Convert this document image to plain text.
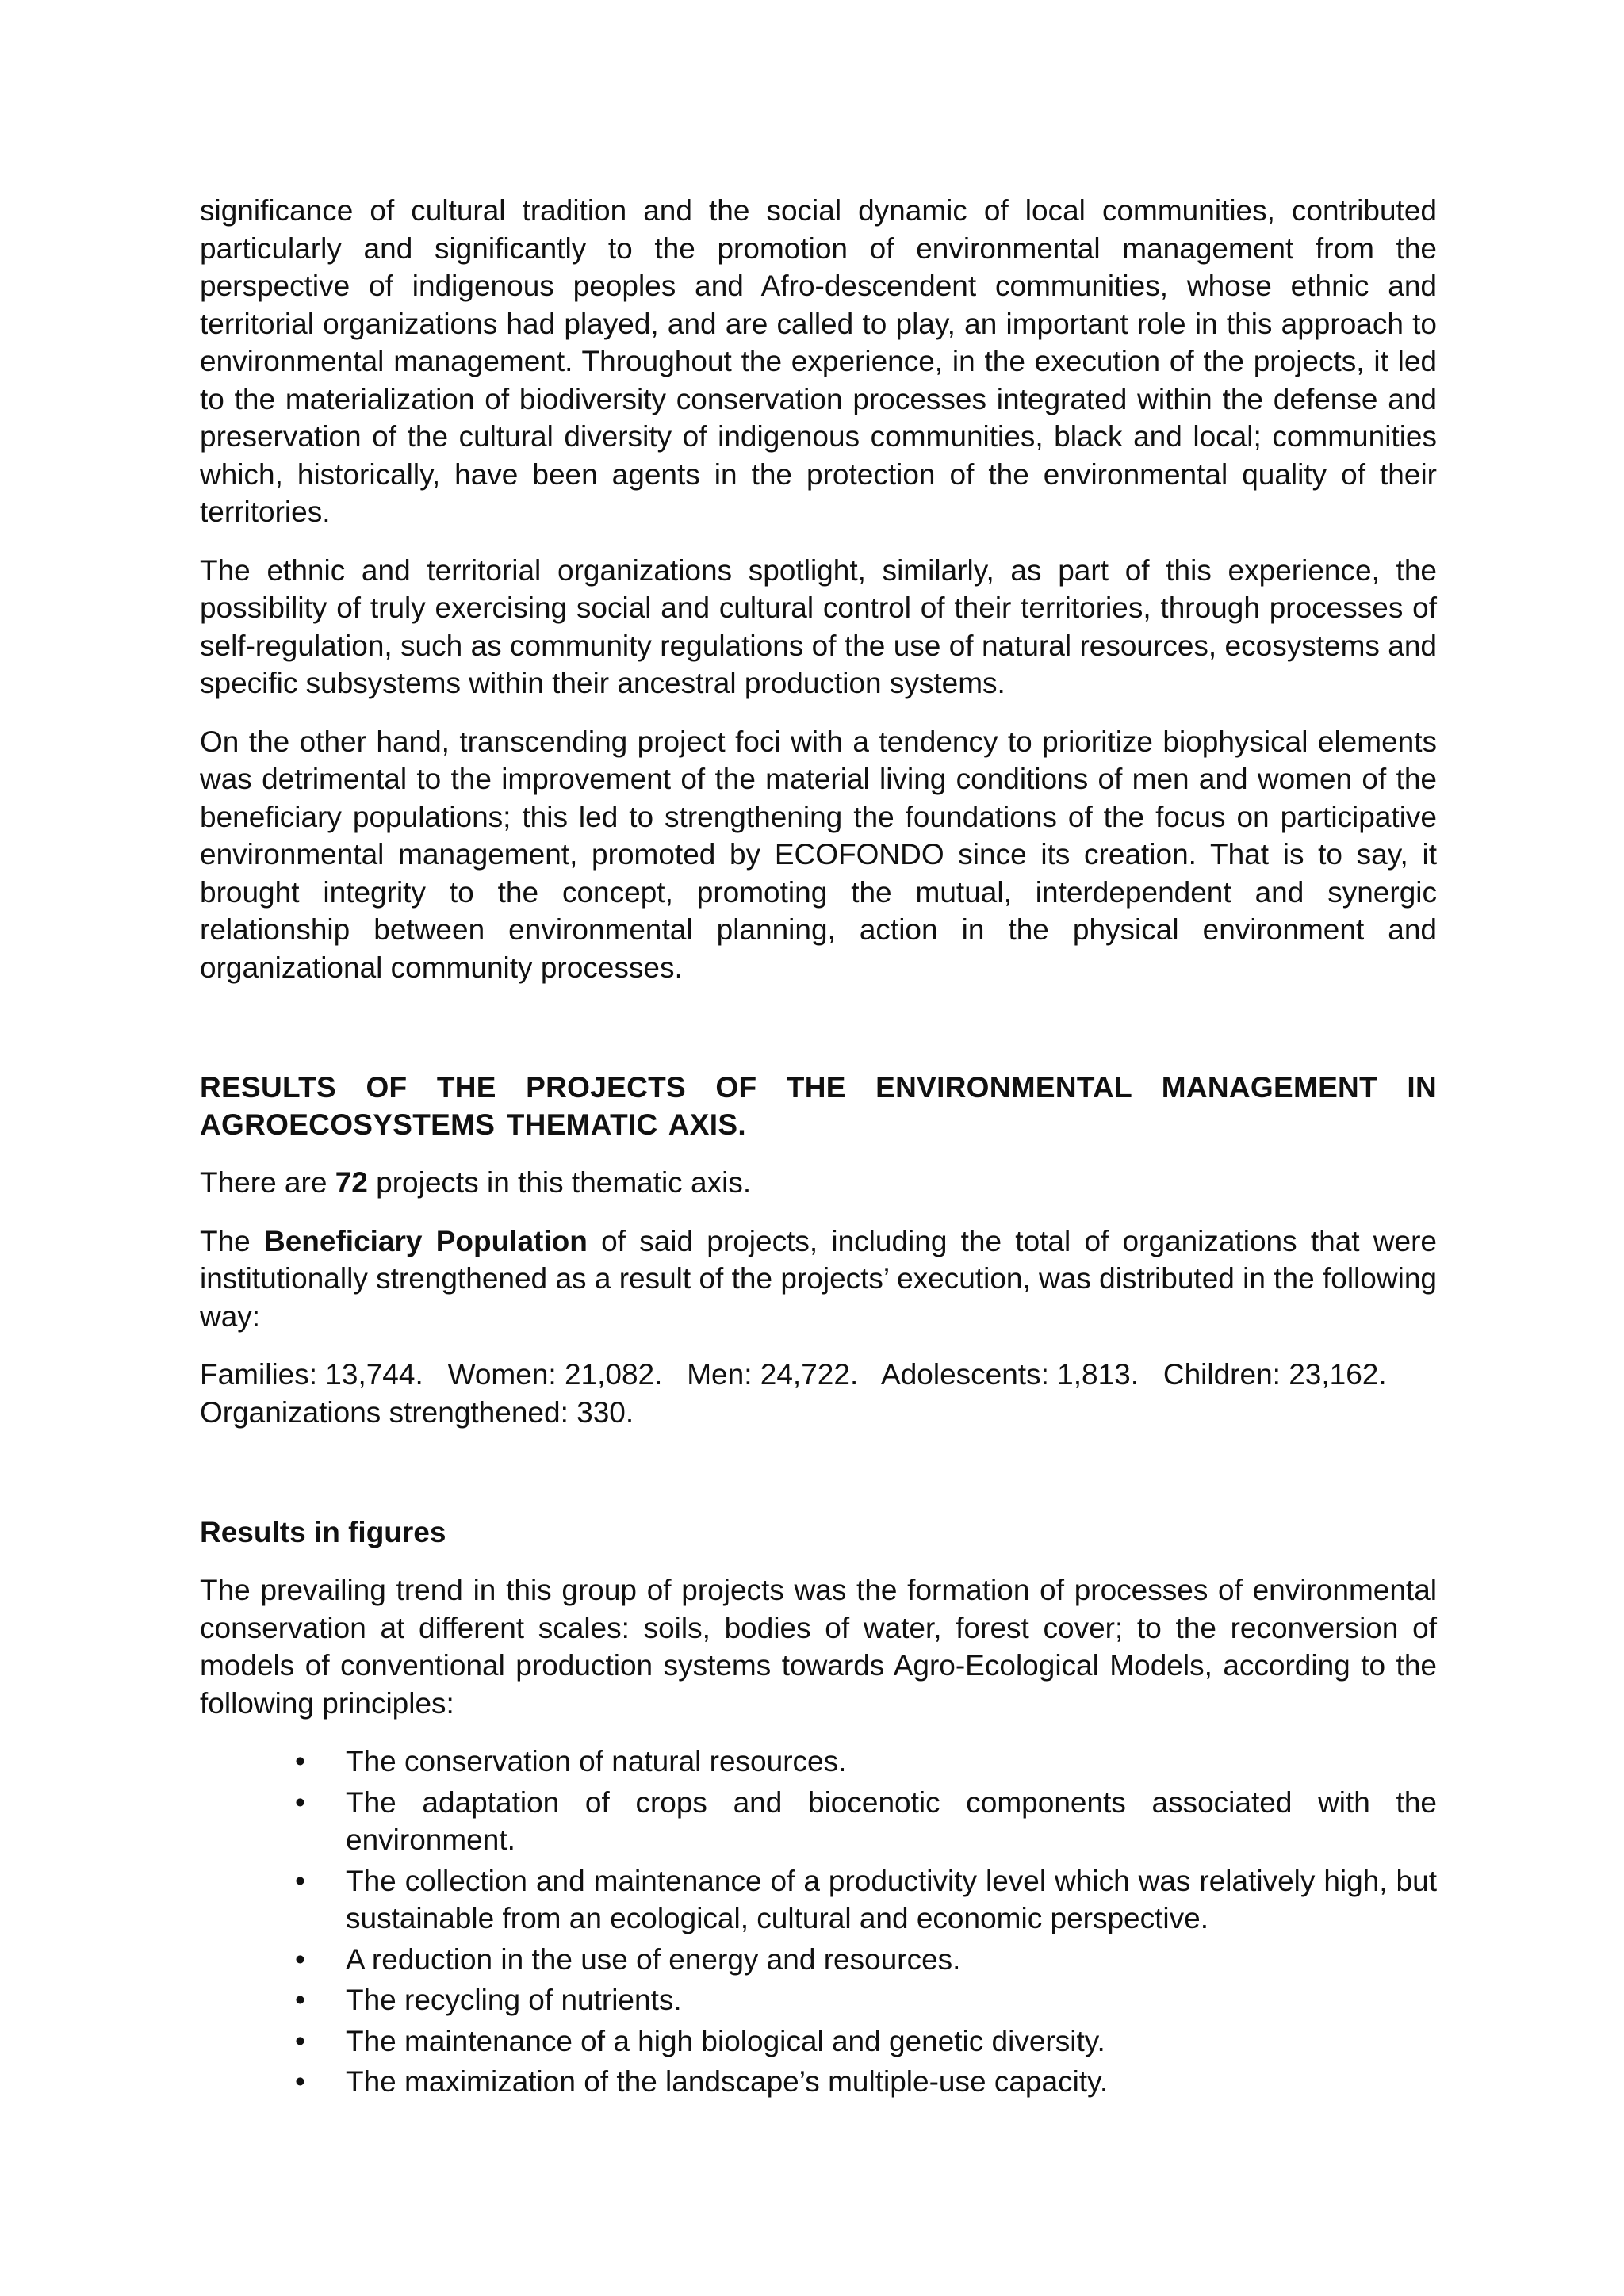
significance of cultural tradition and the social dynamic of local communities, contributed particularly and significantly to the promotion of environmental management from the perspective of indigenous peoples and Afro-descendent communities, whose ethnic and territorial organizations had played, and are called to play, an important role in this approach to environmental management. Throughout the experience, in the execution of the projects, it led to the materialization of biodiversity conservation processes integrated within the defense and preservation of the cultural diversity of indigenous communities, black and local; communities which, historically, have been agents in the protection of the environmental quality of their territories.

The ethnic and territorial organizations spotlight, similarly, as part of this experience, the possibility of truly exercising social and cultural control of their territories, through processes of self-regulation, such as community regulations of the use of natural resources, ecosystems and specific subsystems within their ancestral production systems.

On the other hand, transcending project foci with a tendency to prioritize biophysical elements was detrimental to the improvement of the material living conditions of men and women of the beneficiary populations; this led to strengthening the foundations of the focus on participative environmental management, promoted by ECOFONDO since its creation. That is to say, it brought integrity to the concept, promoting the mutual, interdependent and synergic relationship between environmental planning, action in the physical environment and organizational community processes.

RESULTS OF THE PROJECTS OF THE ENVIRONMENTAL MANAGEMENT IN AGROECOSYSTEMS THEMATIC AXIS.

There are 72 projects in this thematic axis.

The Beneficiary Population of said projects, including the total of organizations that were institutionally strengthened as a result of the projects’ execution, was distributed in the following way:

Families: 13,744.   Women: 21,082.   Men: 24,722.   Adolescents: 1,813.   Children: 23,162. Organizations strengthened: 330.

Results in figures

The prevailing trend in this group of projects was the formation of processes of environmental conservation at different scales: soils, bodies of water, forest cover; to the reconversion of models of conventional production systems towards Agro-Ecological Models, according to the following principles:

• The conservation of natural resources.
• The adaptation of crops and biocenotic components associated with the environment.
• The collection and maintenance of a productivity level which was relatively high, but sustainable from an ecological, cultural and economic perspective.
• A reduction in the use of energy and resources.
• The recycling of nutrients.
• The maintenance of a high biological and genetic diversity.
• The maximization of the landscape’s multiple-use capacity.
